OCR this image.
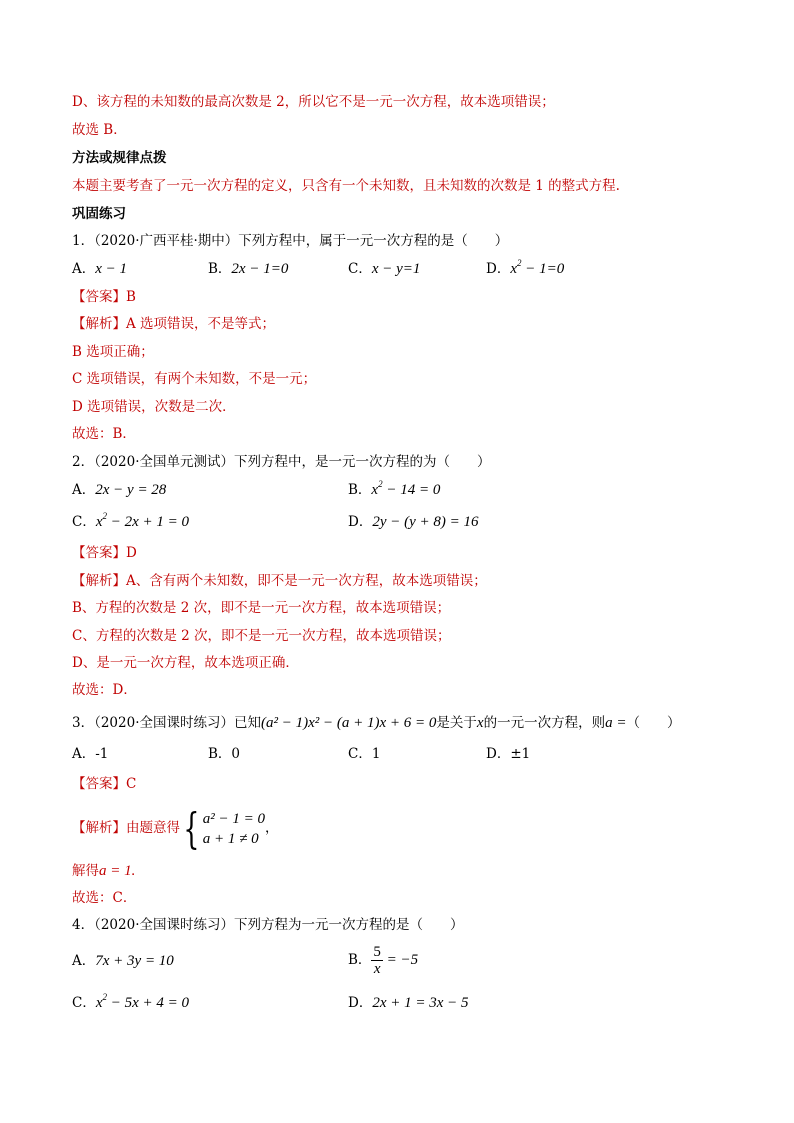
D、该方程的未知数的最高次数是 2，所以它不是一元一次方程，故本选项错误；
故选 B．
方法或规律点拨
本题主要考查了一元一次方程的定义，只含有一个未知数，且未知数的次数是 1 的整式方程.
巩固练习
1．（2020·广西平桂·期中）下列方程中，属于一元一次方程的是（　　）
A．x − 1	B．2x − 1=0	C．x − y=1	D．$x^2 - 1=0$
【答案】B
【解析】A 选项错误，不是等式；
B 选项正确；
C 选项错误，有两个未知数，不是一元；
D 选项错误，次数是二次．
故选：B．
2．（2020·全国单元测试）下列方程中，是一元一次方程的为（　　）
A．2x − y = 28	B．$x^2 - 14 = 0$
C．$x^2 - 2x + 1 = 0$	D．2y − (y + 8) = 16
【答案】D
【解析】A、含有两个未知数，即不是一元一次方程，故本选项错误；
B、方程的次数是 2 次，即不是一元一次方程，故本选项错误；
C、方程的次数是 2 次，即不是一元一次方程，故本选项错误；
D、是一元一次方程，故本选项正确．
故选：D．
3．（2020·全国课时练习）已知(a² − 1)x² − (a + 1)x + 6 = 0是关于x的一元一次方程，则a =（　　）
A．-1	B．0	C．1	D．±1
【答案】C
【解析】由题意得{ a² − 1 = 0
a + 1 ≠ 0
，
解得a = 1.
故选：C．
4．（2020·全国课时练习）下列方程为一元一次方程的是（　　）
A．7x + 3y = 10	B． $\frac{5}{x} = -5$
C．$x^2 - 5x + 4 = 0$	D．2x + 1 = 3x − 5
